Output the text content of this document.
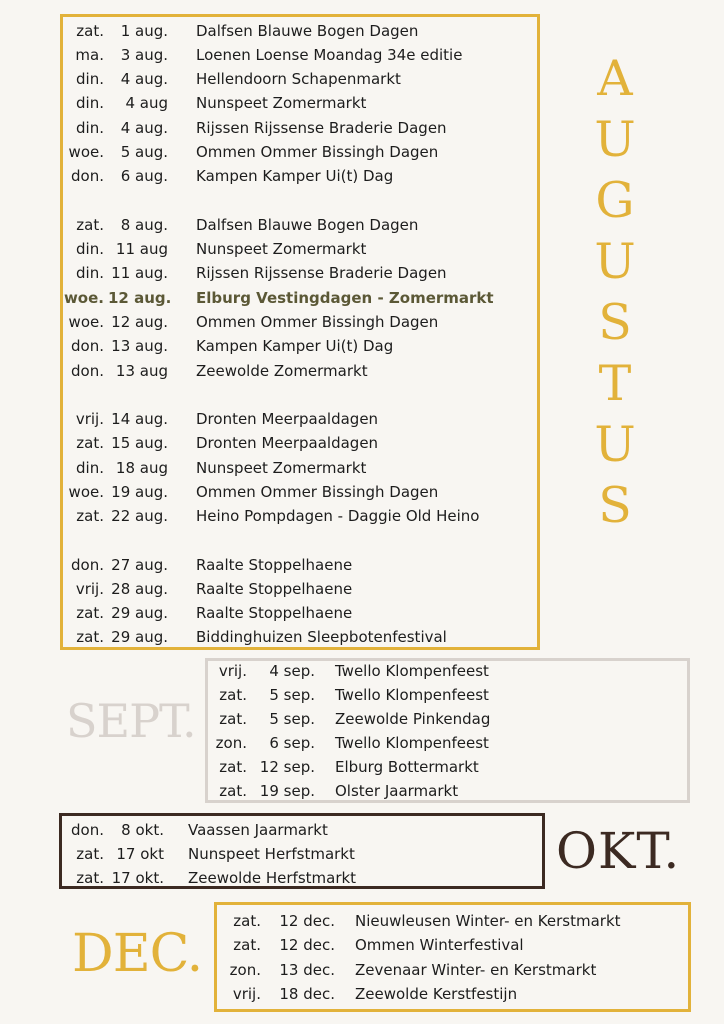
zat.	1 aug. Dalfsen Blauwe Bogen Dagen
ma.	3 aug. Loenen Loense Moandag 34e editie
din.	4 aug. Hellendoorn Schapenmarkt
din.	4 aug Nunspeet Zomermarkt
din.	4 aug. Rijssen Rijssense Braderie Dagen
woe.	5 aug. Ommen Ommer Bissingh Dagen
don.	6 aug. Kampen Kamper Ui(t) Dag
zat.	8 aug. Dalfsen Blauwe Bogen Dagen
din. 11 aug Nunspeet Zomermarkt
din. 11 aug. Rijssen Rijssense Braderie Dagen
woe. 12 aug. Elburg Vestingdagen - Zomermarkt
woe. 12 aug. Ommen Ommer Bissingh Dagen
don. 13 aug. Kampen Kamper Ui(t) Dag
don. 13 aug Zeewolde Zomermarkt
vrij. 14 aug. Dronten Meerpaaldagen
zat. 15 aug. Dronten Meerpaaldagen
din. 18 aug Nunspeet Zomermarkt
woe. 19 aug. Ommen Ommer Bissingh Dagen
zat. 22 aug. Heino Pompdagen - Daggie Old Heino
don. 27 aug. Raalte Stoppelhaene
vrij. 28 aug. Raalte Stoppelhaene
zat. 29 aug. Raalte Stoppelhaene
zat. 29 aug. Biddinghuizen Sleepbotenfestival
A
U
G
U
S
T
U
S
SEPT.
vrij.	4 sep. Twello Klompenfeest
zat.	5 sep. Twello Klompenfeest
zat.	5 sep. Zeewolde Pinkendag
zon.	6 sep. Twello Klompenfeest
zat. 12 sep. Elburg Bottermarkt
zat. 19 sep. Olster Jaarmarkt
don.	8 okt. Vaassen Jaarmarkt
zat. 17 okt Nunspeet Herfstmarkt
zat. 17 okt. Zeewolde Herfstmarkt	OKT.
DEC.
zat.	12 dec. Nieuwleusen Winter- en Kerstmarkt
zat.	12 dec. Ommen Winterfestival
zon.	13 dec. Zevenaar Winter- en Kerstmarkt
vrij.	18 dec. Zeewolde Kerstfestijn
